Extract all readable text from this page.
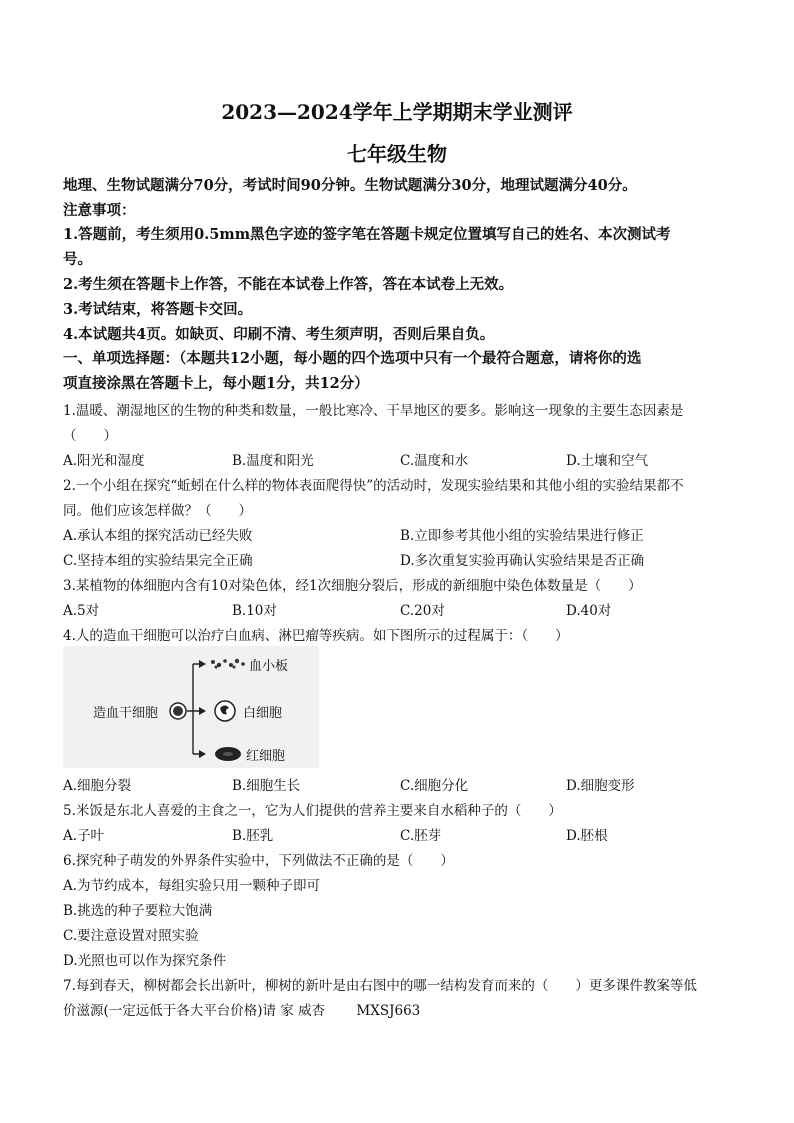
2023—2024学年上学期期末学业测评
七年级生物
地理、生物试题满分70分，考试时间90分钟。生物试题满分30分，地理试题满分40分。
注意事项：
1.答题前，考生须用0.5mm黑色字迹的签字笔在答题卡规定位置填写自己的姓名、本次测试考
号。
2.考生须在答题卡上作答，不能在本试卷上作答，答在本试卷上无效。
3.考试结束，将答题卡交回。
4.本试题共4页。如缺页、印刷不清、考生须声明，否则后果自负。
一、单项选择题：（本题共12小题，每小题的四个选项中只有一个最符合题意，请将你的选
项直接涂黑在答题卡上，每小题1分，共12分）
1.温暖、潮湿地区的生物的种类和数量，一般比寒冷、干旱地区的要多。影响这一现象的主要生态因素是
（　　）
A.阳光和湿度	B.温度和阳光	C.温度和水	D.土壤和空气
2.一个小组在探究“蚯蚓在什么样的物体表面爬得快”的活动时，发现实验结果和其他小组的实验结果都不
同。他们应该怎样做？（　　）
A.承认本组的探究活动已经失败	B.立即参考其他小组的实验结果进行修正
C.坚持本组的实验结果完全正确	D.多次重复实验再确认实验结果是否正确
3.某植物的体细胞内含有10对染色体，经1次细胞分裂后，形成的新细胞中染色体数量是（　　）
A.5对	B.10对	C.20对	D.40对
4.人的造血干细胞可以治疗白血病、淋巴瘤等疾病。如下图所示的过程属于：（　　）
造血干细胞
血小板
白细胞
红细胞
A.细胞分裂	B.细胞生长	C.细胞分化	D.细胞变形
5.米饭是东北人喜爱的主食之一，它为人们提供的营养主要来自水稻种子的（　　）
A.子叶	B.胚乳	C.胚芽	D.胚根
6.探究种子萌发的外界条件实验中，下列做法不正确的是（　　）
A.为节约成本，每组实验只用一颗种子即可
B.挑选的种子要粒大饱满
C.要注意设置对照实验
D.光照也可以作为探究条件
7.每到春天，柳树都会长出新叶，柳树的新叶是由右图中的哪一结构发育而来的（　　）更多课件教案等低
价滋源(一定远低于各大平台价格)请 家 威杏　　 MXSJ663
